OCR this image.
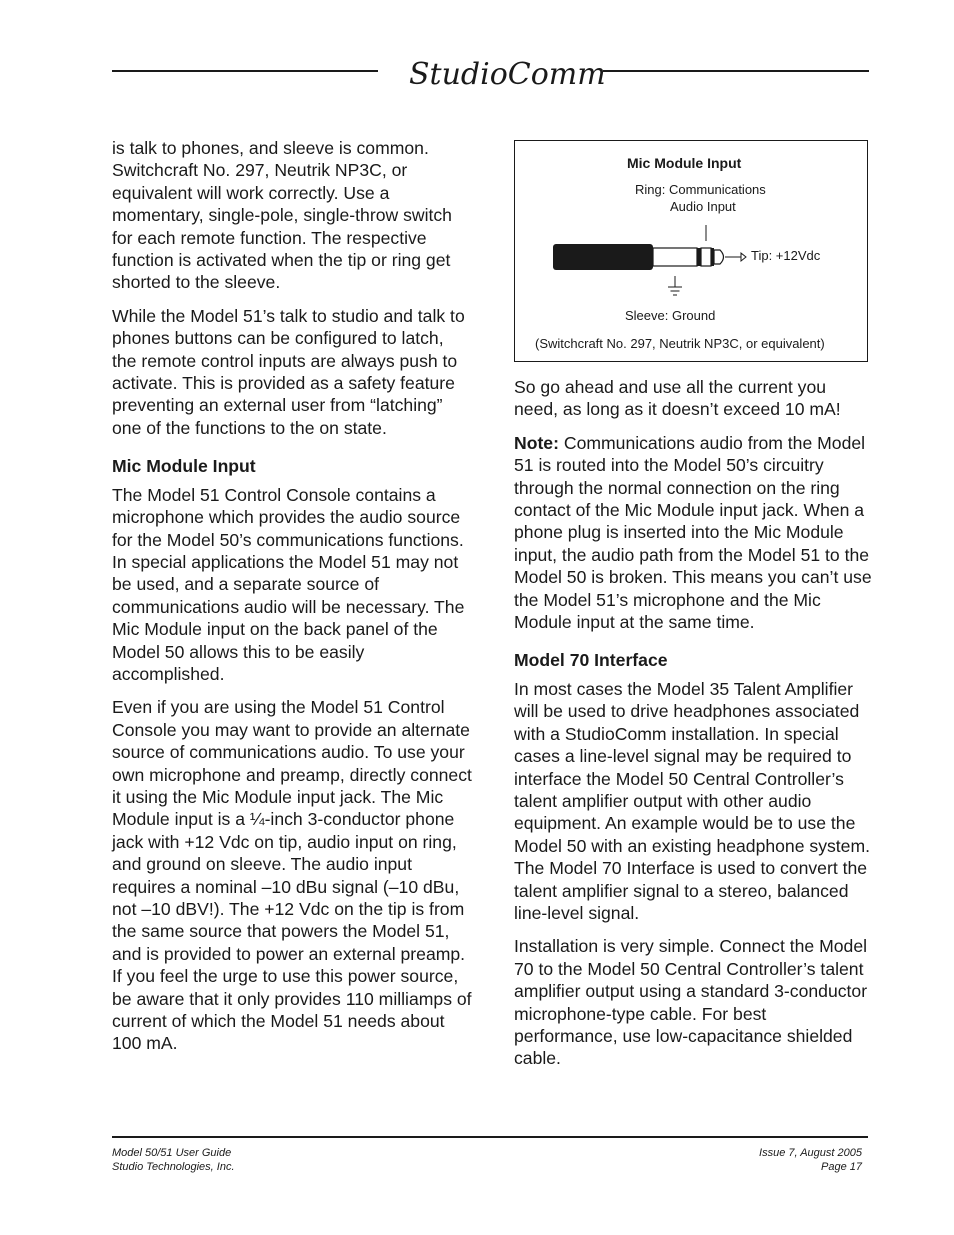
StudioComm

is talk to phones, and sleeve is common. Switchcraft No. 297, Neutrik NP3C, or equivalent will work correctly. Use a momentary, single-pole, single-throw switch for each remote function. The respective function is activated when the tip or ring get shorted to the sleeve.

While the Model 51’s talk to studio and talk to phones buttons can be configured to latch, the remote control inputs are always push to activate. This is provided as a safety feature preventing an external user from “latching” one of the functions to the on state.

Mic Module Input

The Model 51 Control Console contains a microphone which provides the audio source for the Model 50’s communications functions. In special applications the Model 51 may not be used, and a separate source of communications audio will be necessary. The Mic Module input on the back panel of the Model 50 allows this to be easily accomplished.

Even if you are using the Model 51 Control Console you may want to provide an alternate source of communications audio. To use your own microphone and preamp, directly connect it using the Mic Module input jack. The Mic Module input is a ¼-inch 3-conductor phone jack with +12 Vdc on tip, audio input on ring, and ground on sleeve. The audio input requires a nominal –10 dBu signal (–10 dBu, not –10 dBV!). The +12 Vdc on the tip is from the same source that powers the Model 51, and is provided to power an external preamp. If you feel the urge to use this power source, be aware that it only provides 110 milliamps of current of which the Model 51 needs about 100 mA.

Mic Module Input
Ring: Communications
Audio Input
Tip: +12Vdc
Sleeve: Ground
(Switchcraft No. 297, Neutrik NP3C, or equivalent)

So go ahead and use all the current you need, as long as it doesn’t exceed 10 mA!

Note: Communications audio from the Model 51 is routed into the Model 50’s circuitry through the normal connection on the ring contact of the Mic Module input jack. When a phone plug is inserted into the Mic Module input, the audio path from the Model 51 to the Model 50 is broken. This means you can’t use the Model 51’s microphone and the Mic Module input at the same time.

Model 70 Interface

In most cases the Model 35 Talent Amplifier will be used to drive headphones associated with a StudioComm installation. In special cases a line-level signal may be required to interface the Model 50 Central Controller’s talent amplifier output with other audio equipment. An example would be to use the Model 50 with an existing headphone system. The Model 70 Interface is used to convert the talent amplifier signal to a stereo, balanced line-level signal.

Installation is very simple. Connect the Model 70 to the Model 50 Central Controller’s talent amplifier output using a standard 3-conductor microphone-type cable. For best performance, use low-capacitance shielded cable.

Model 50/51 User Guide
Studio Technologies, Inc.
Issue 7, August 2005
Page 17
